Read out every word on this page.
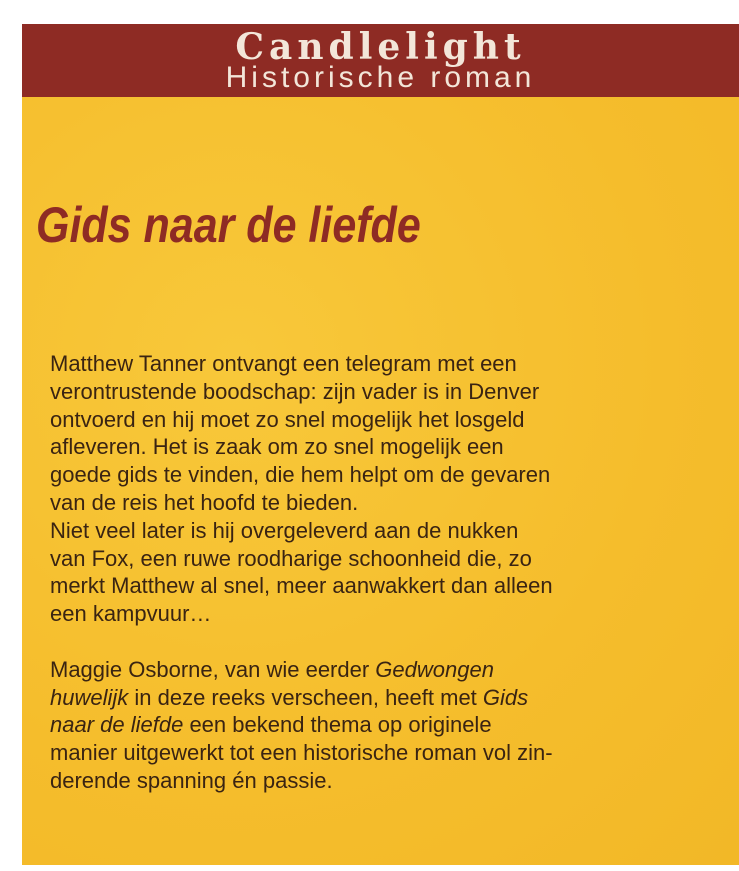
Candlelight
Historische roman
Gids naar de liefde
Matthew Tanner ontvangt een telegram met een
verontrustende boodschap: zijn vader is in Denver
ontvoerd en hij moet zo snel mogelijk het losgeld
afleveren. Het is zaak om zo snel mogelijk een
goede gids te vinden, die hem helpt om de gevaren
van de reis het hoofd te bieden.
Niet veel later is hij overgeleverd aan de nukken
van Fox, een ruwe roodharige schoonheid die, zo
merkt Matthew al snel, meer aanwakkert dan alleen
een kampvuur…
Maggie Osborne, van wie eerder Gedwongen
huwelijk in deze reeks verscheen, heeft met Gids
naar de liefde een bekend thema op originele
manier uitgewerkt tot een historische roman vol zin-
derende spanning én passie.
